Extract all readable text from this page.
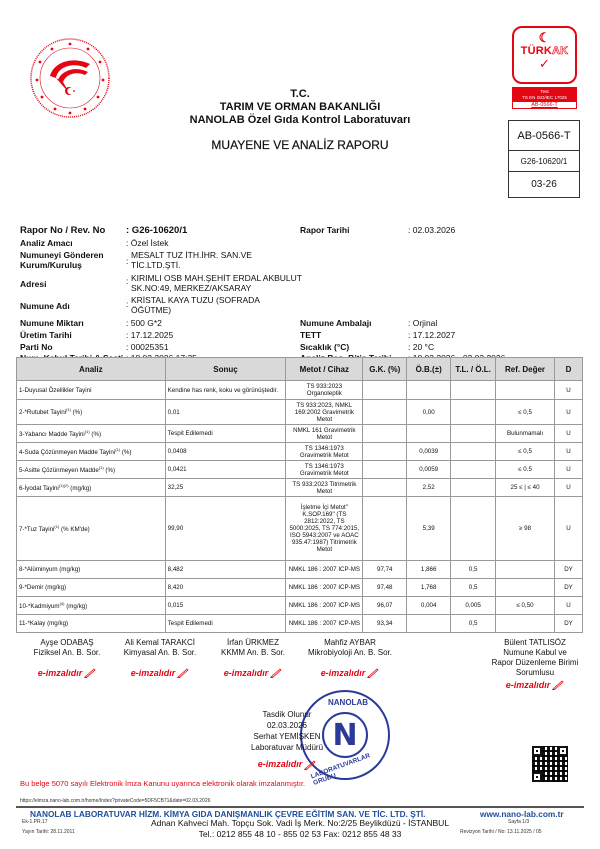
☾
TÜRKAK
✓
Test
TS EN ISO/IEC 17025
AB-0566-T
AB-0566-T
G26-10620/1
03-26
T.C.
TARIM VE ORMAN BAKANLIĞI
NANOLAB Özel Gıda Kontrol Laboratuvarı
MUAYENE VE ANALİZ RAPORU
Rapor No / Rev. No : G26-10620/1	Rapor Tarihi	: 02.03.2026
Analiz Amacı	: Özel İstek
Numuneyi Gönderen
Kurum/Kuruluş	:
MESALT TUZ İTH.İHR. SAN.VE
TİC.LTD.ŞTİ.
Adresi	: KIRIMLI OSB MAH.ŞEHİT ERDAL AKBULUT
SK.NO:49, MERKEZ/AKSARAY
Numune Adı	: KRİSTAL KAYA TUZU (SOFRADA
ÖĞÜTME)
Numune Miktarı	: 500 G*2	Numune Ambalajı	: Orjinal
Üretim Tarihi	: 17.12.2025	TETT	: 17.12.2027
Parti No	: 00025351	Sıcaklık (°C)	: 20 °C
Analiz	Sonuç	Metot / Cihaz	G.K. (%)	Ö.B.(±)	T.L. / Ö.L.	Ref. Değer	D
1-Duyusal Özellikler Tayini	Kendine has renk, koku ve görünüştedir.	TS 933:2023 Organoleptik					U
2-*Rutubet Tayini$^{(1)}$ (%)	0,01	TS 933:2023, NMKL 169:2002 Gravimetrik Metot		0,00		≤ 0,5	U
3-Yabancı Madde Tayini$^{(1)}$ (%)	Tespit Edilemedi	NMKL 161 Gravimetrik Metot				Bulunmamalı	U
4-Suda Çözünmeyen Madde Tayini$^{(1)}$ (%)	0,0408	TS 1346:1973 Gravimetrik Metot		0,0039		≤ 0,5	U
5-Asitte Çözünmeyen Madde$^{(1)}$ (%)	0,0421	TS 1346:1973 Gravimetrik Metot		0,0059		≤ 0.5	U
6-İyodat Tayini$^{(1)(2)}$ (mg/kg)	32,25	TS 933:2023 Titrimetrik Metot		2,52		25 ≤ | ≤ 40	U
7-*Tuz Tayini$^{(1)}$ (% KM'de)	99,90	İşletme İçi Metot" K.SOP.169" (TS 2812:2022, TS 5000:2025, TS 774:2015, ISO 5943:2007 ve AOAC 935.47:1987) Titrimetrik Metot		5,39		≥ 98	U
8-*Alüminyum (mg/kg)	8,482	NMKL 186 : 2007 ICP-MS	97,74	1,866	0,5		DY
9-*Demir (mg/kg)	8,420	NMKL 186 : 2007 ICP-MS	97,48	1,768	0,5		DY
10-*Kadmiyum$^{(4)}$ (mg/kg)	0,015	NMKL 186 : 2007 ICP-MS	96,07	0,004	0,005	≤ 0,50	U
11-*Kalay (mg/kg)	Tespit Edilemedi	NMKL 186 : 2007 ICP-MS	93,34		0,5		DY
Ayşe ODABAŞ
Fiziksel An. B. Sor.
e-imzalıdır
Ali Kemal TARAKCİ
Kimyasal An. B. Sor.
e-imzalıdır
İrfan ÜRKMEZ
KKMM An. B. Sor.
e-imzalıdır
Mahfiz AYBAR
Mikrobiyoloji An. B. Sor.
e-imzalıdır
Bülent TATLISÖZ
Numune Kabul ve
Rapor Düzenleme Birimi
Sorumlusu
e-imzalıdır
NANOLAB
N
LABORATUVARLAR GRUBU
Tasdik Olunur
02.03.2026
Serhat YEMİŞKEN
Laboratuvar Müdürü
e-imzalıdır
Bu belge 5070 sayılı Elektronik İmza Kanunu uyarınca elektronik olarak imzalanmıştır.
https://eimza.nano-lab.com.tr/home/Index?privateCode=5DF5CB71&date=02.03.2026
NANOLAB LABORATUVAR HİZM. KİMYA GIDA DANIŞMANLIK ÇEVRE EĞİTİM SAN. VE TİC. LTD. ŞTİ.	www.nano-lab.com.tr
Ek-1.PR.17
Yayın Tarihi: 28.11.2011
Adnan Kahveci Mah. Topçu Sok. Vadi İş Merk. No:2/25 Beylikdüzü - İSTANBUL
Tel.: 0212 855 48 10 - 855 02 53 Fax: 0212 855 48 33
Sayfa 1/3
Revizyon Tarihi / No: 13.11.2025 / 05
